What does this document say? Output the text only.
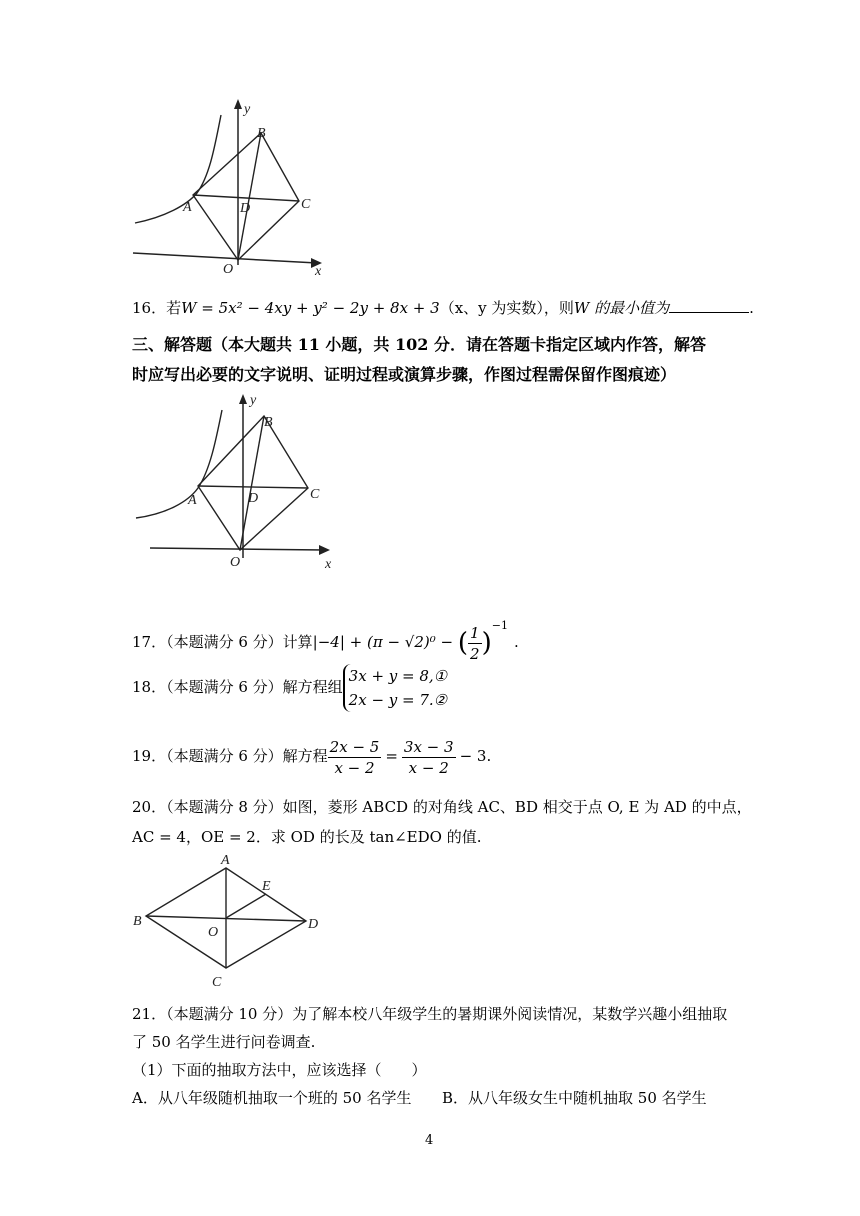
y
B
A	D	C
O	x
16．若W = 5x² − 4xy + y² − 2y + 8x + 3（x、y 为实数），则W 的最小值为	.
三、解答题（本大题共 11 小题，共 102 分．请在答题卡指定区域内作答，解答
时应写出必要的文字说明、证明过程或演算步骤，作图过程需保留作图痕迹）
y
B
A	D	C
O	x
17．（本题满分 6 分）计算|−4| + (π − √2)⁰ − ( $\frac{1}{2} )^{-1}$.
18．（本题满分 6 分）解方程组
3x + y = 8,①
2x − y = 7.②
19．（本题满分 6 分）解方程 $\frac{2x - 5}{x - 2} = \frac{3x - 3}{x - 2} - 3$.
20．（本题满分 8 分）如图，菱形 ABCD 的对角线 AC、BD 相交于点 O, E 为 AD 的中点，
AC = 4，OE = 2．求 OD 的长及 tan∠EDO 的值.
A
E
B	D
O
C
21．（本题满分 10 分）为了解本校八年级学生的暑期课外阅读情况，某数学兴趣小组抽取
了 50 名学生进行问卷调查.
（1）下面的抽取方法中，应该选择（　　）
A．从八年级随机抽取一个班的 50 名学生	B．从八年级女生中随机抽取 50 名学生
4
